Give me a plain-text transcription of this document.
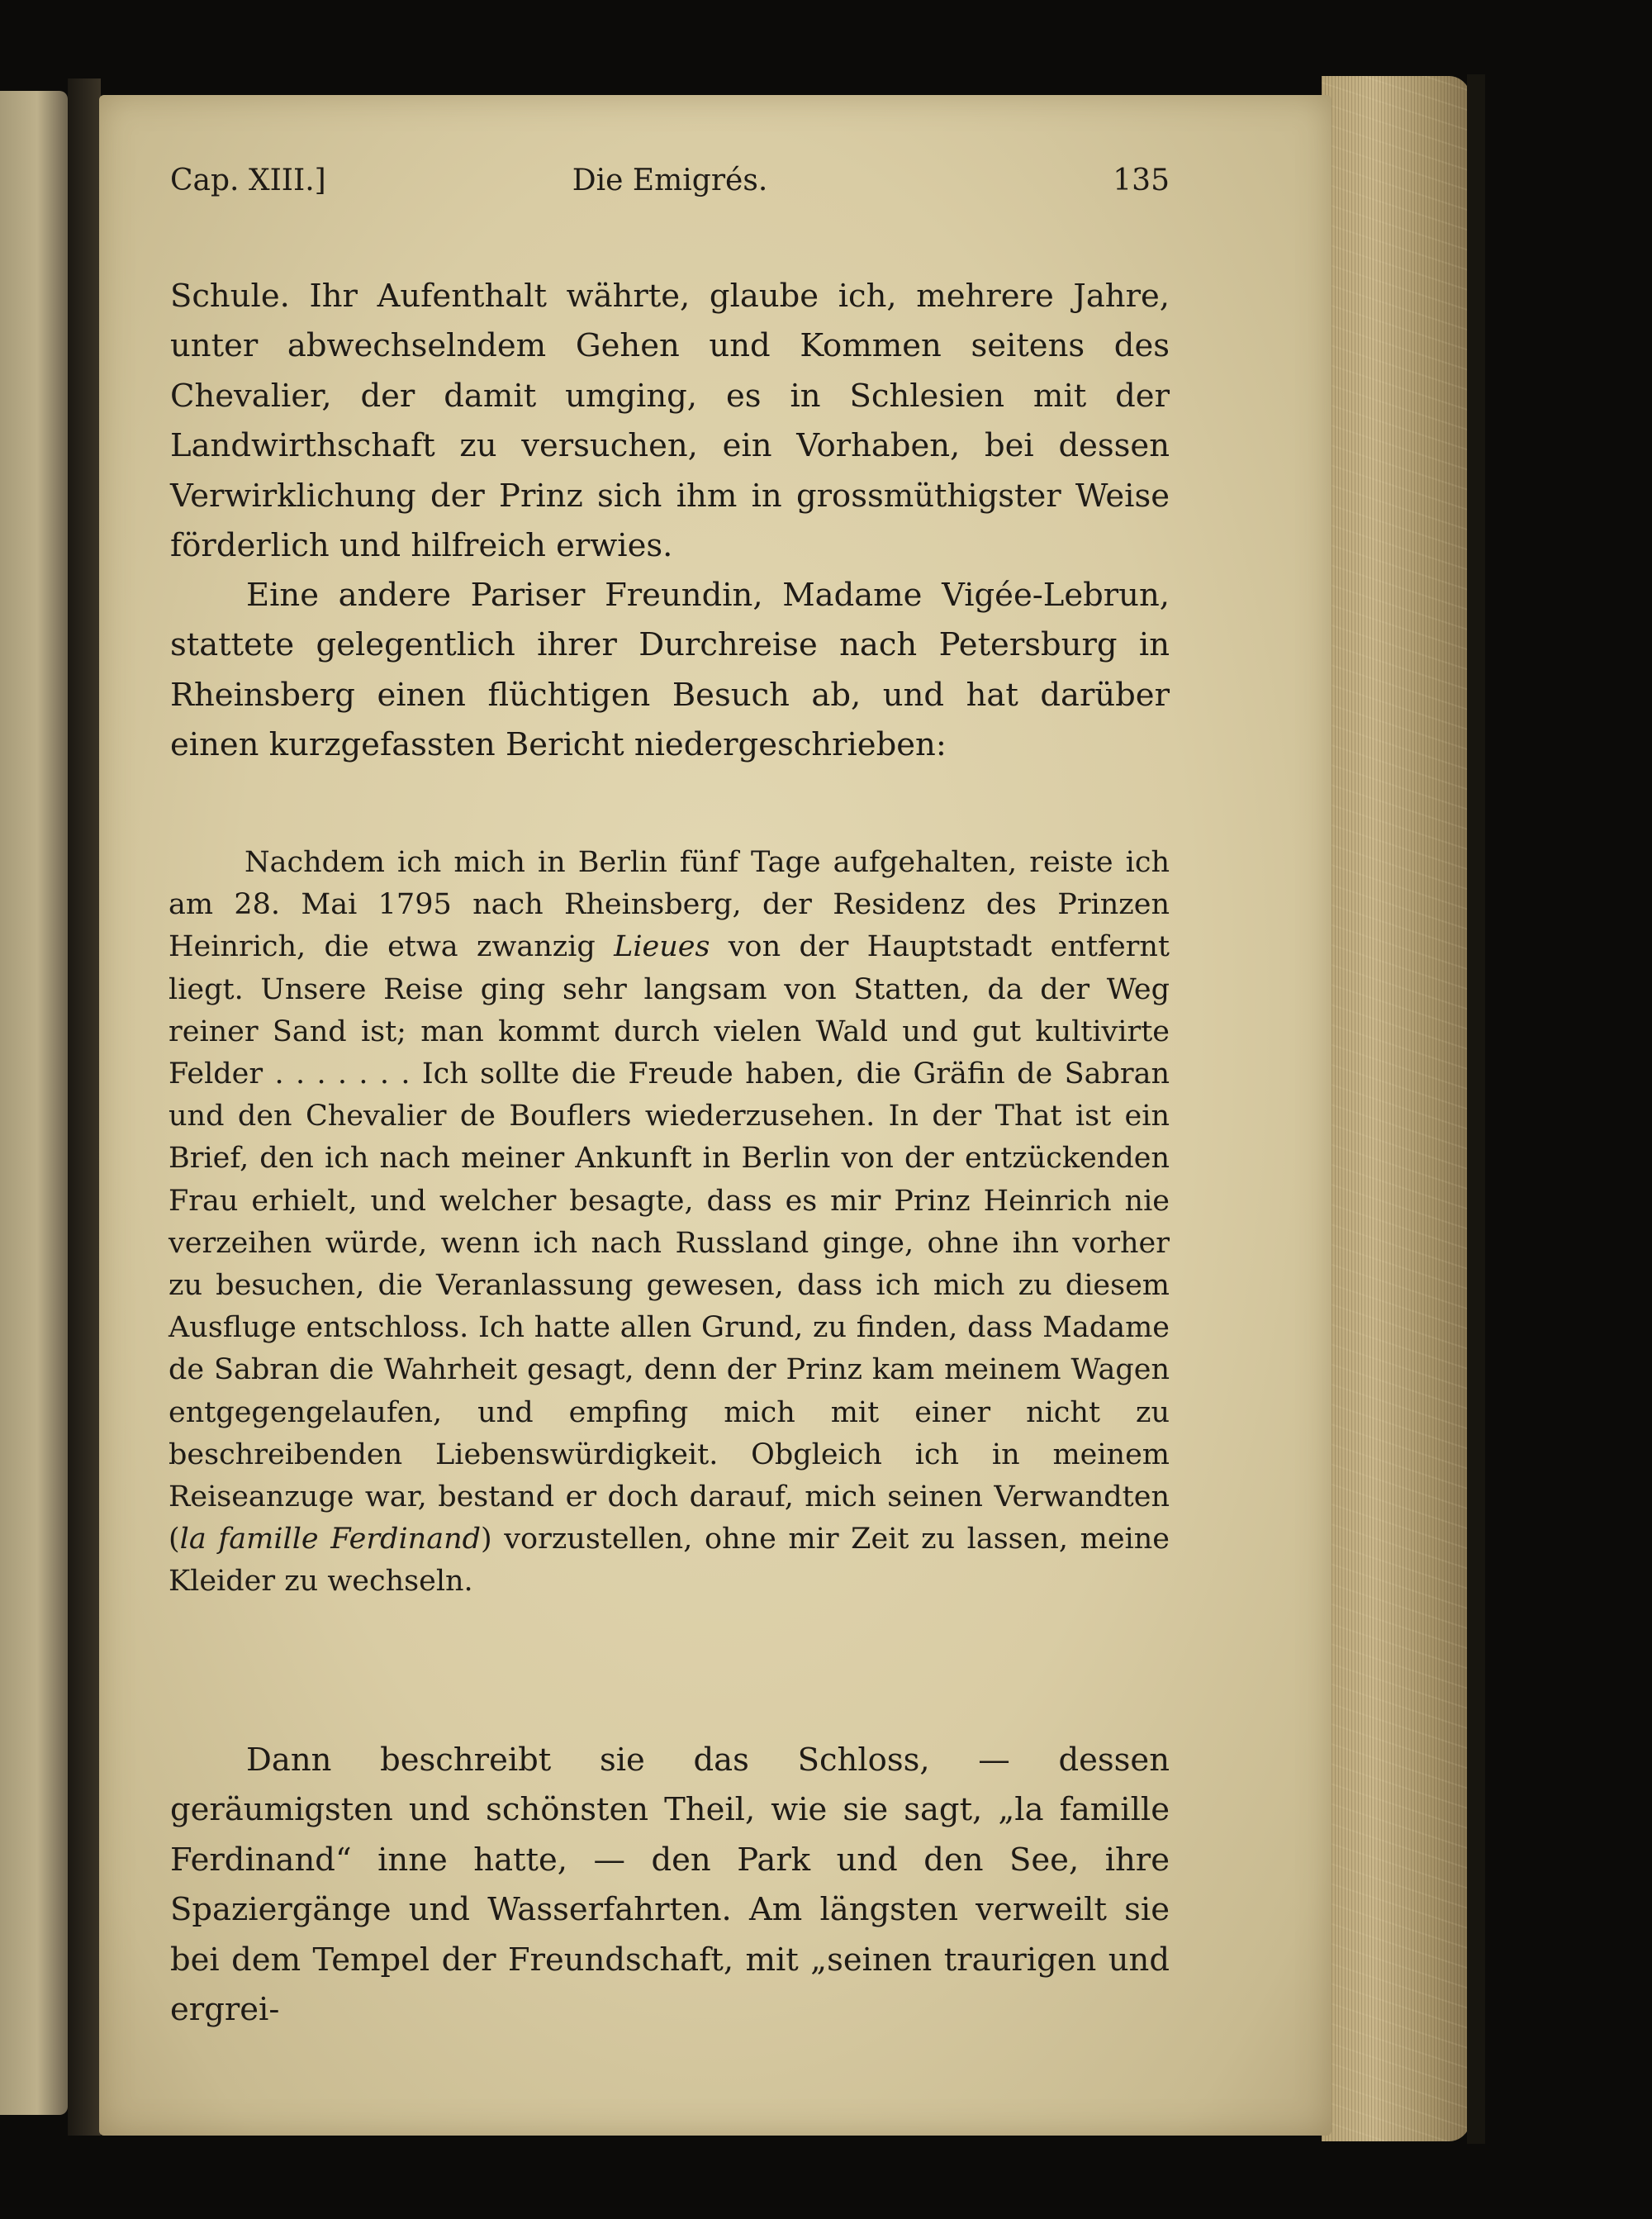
Die Emigrés.
Cap. XIII.]	135

Schule. Ihr Aufenthalt währte, glaube ich, mehrere Jahre, unter abwechselndem Gehen und Kommen seitens des Chevalier, der damit umging, es in Schlesien mit der Landwirthschaft zu versuchen, ein Vorhaben, bei dessen Verwirklichung der Prinz sich ihm in grossmüthigster Weise förderlich und hilfreich erwies.

Eine andere Pariser Freundin, Madame Vigée-Lebrun, stattete gelegentlich ihrer Durchreise nach Petersburg in Rheinsberg einen flüchtigen Besuch ab, und hat darüber einen kurzgefassten Bericht niedergeschrieben:

Nachdem ich mich in Berlin fünf Tage aufgehalten, reiste ich am 28. Mai 1795 nach Rheinsberg, der Residenz des Prinzen Heinrich, die etwa zwanzig Lieues von der Hauptstadt entfernt liegt. Unsere Reise ging sehr langsam von Statten, da der Weg reiner Sand ist; man kommt durch vielen Wald und gut kultivirte Felder . . . . . . . Ich sollte die Freude haben, die Gräfin de Sabran und den Chevalier de Bouflers wiederzusehen. In der That ist ein Brief, den ich nach meiner Ankunft in Berlin von der entzückenden Frau erhielt, und welcher besagte, dass es mir Prinz Heinrich nie verzeihen würde, wenn ich nach Russland ginge, ohne ihn vorher zu besuchen, die Veranlassung gewesen, dass ich mich zu diesem Ausfluge entschloss. Ich hatte allen Grund, zu finden, dass Madame de Sabran die Wahrheit gesagt, denn der Prinz kam meinem Wagen entgegengelaufen, und empfing mich mit einer nicht zu beschreibenden Liebenswürdigkeit. Obgleich ich in meinem Reiseanzuge war, bestand er doch darauf, mich seinen Verwandten (la famille Ferdinand) vorzustellen, ohne mir Zeit zu lassen, meine Kleider zu wechseln.

Dann beschreibt sie das Schloss, — dessen geräumigsten und schönsten Theil, wie sie sagt, „la famille Ferdinand“ inne hatte, — den Park und den See, ihre Spaziergänge und Wasserfahrten. Am längsten verweilt sie bei dem Tempel der Freundschaft, mit „seinen traurigen und ergrei-
